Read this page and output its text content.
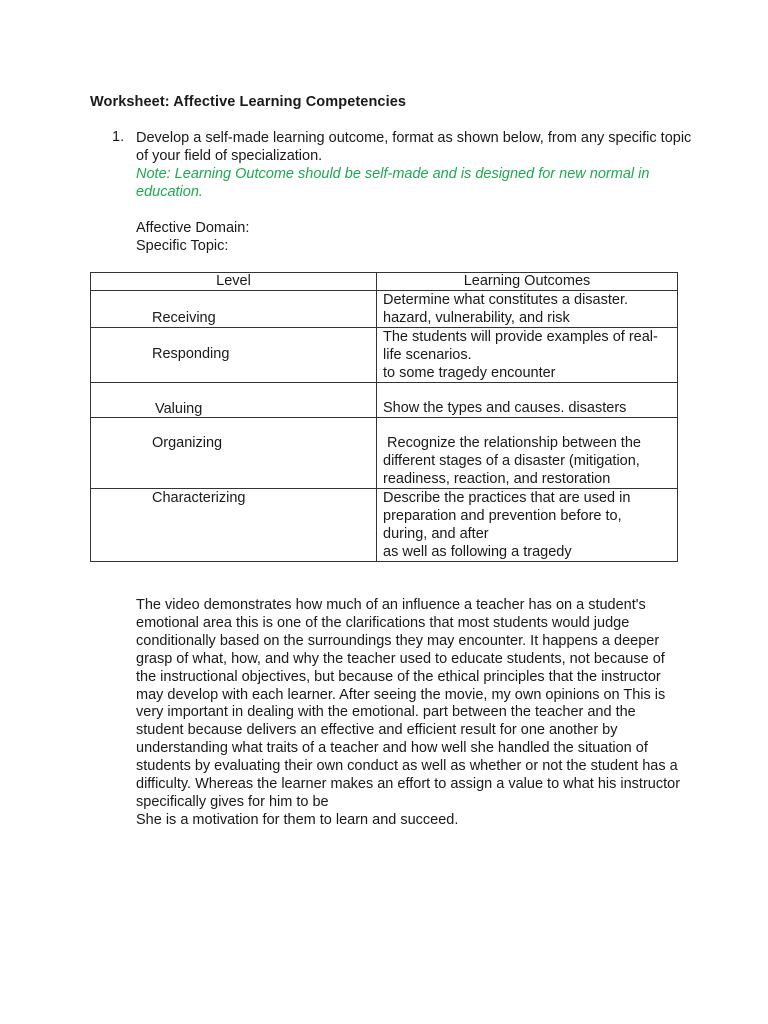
Worksheet: Affective Learning Competencies
1. Develop a self-made learning outcome, format as shown below, from any specific topic of your field of specialization.
Note: Learning Outcome should be self-made and is designed for new normal in education.
Affective Domain:
Specific Topic:
Level	Learning Outcomes

Receiving	Determine what constitutes a disaster.
hazard, vulnerability, and risk

Responding	The students will provide examples of real-
life scenarios.
to some tragedy encounter

Valuing	Show the types and causes. disasters

Organizing	Recognize the relationship between the
different stages of a disaster (mitigation,
readiness, reaction, and restoration

Characterizing	Describe the practices that are used in
preparation and prevention before to,
during, and after
as well as following a tragedy

The video demonstrates how much of an influence a teacher has on a student's emotional area this is one of the clarifications that most students would judge conditionally based on the surroundings they may encounter. It happens a deeper grasp of what, how, and why the teacher used to educate students, not because of the instructional objectives, but because of the ethical principles that the instructor may develop with each learner. After seeing the movie, my own opinions on This is very important in dealing with the emotional. part between the teacher and the student because delivers an effective and efficient result for one another by understanding what traits of a teacher and how well she handled the situation of students by evaluating their own conduct as well as whether or not the student has a difficulty. Whereas the learner makes an effort to assign a value to what his instructor specifically gives for him to be

She is a motivation for them to learn and succeed.
